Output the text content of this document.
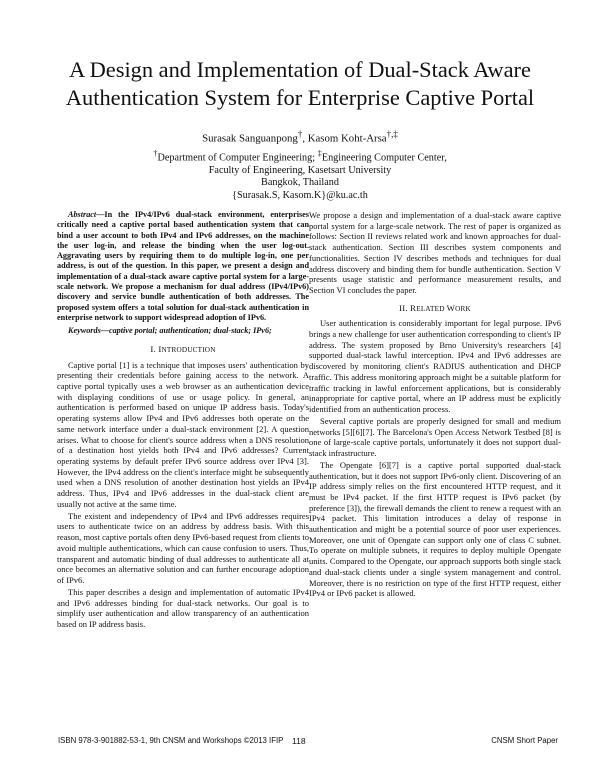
A Design and Implementation of Dual-Stack Aware
Authentication System for Enterprise Captive Portal
Surasak Sanguanpong†, Kasom Koht-Arsa†,‡
†Department of Computer Engineering; ‡Engineering Computer Center,
Faculty of Engineering, Kasetsart University
Bangkok, Thailand
{Surasak.S, Kasom.K}@ku.ac.th

Abstract—In the IPv4/IPv6 dual-stack environment, enterprises critically need a captive portal based authentication system that can bind a user account to both IPv4 and IPv6 addresses, on the machine the user log-in, and release the binding when the user log-out. Aggravating users by requiring them to do multiple log-in, one per address, is out of the question. In this paper, we present a design and implementation of a dual-stack aware captive portal system for a large-scale network. We propose a mechanism for dual address (IPv4/IPv6) discovery and service bundle authentication of both addresses. The proposed system offers a total solution for dual-stack authentication in enterprise network to support widespread adoption of IPv6.

Keywords—captive portal; authentication; dual-stack; IPv6;

I. INTRODUCTION

Captive portal [1] is a technique that imposes users' authentication by presenting their credentials before gaining access to the network. A captive portal typically uses a web browser as an authentication device with displaying conditions of use or usage policy. In general, an authentication is performed based on unique IP address basis. Today's operating systems allow IPv4 and IPv6 addresses both operate on the same network interface under a dual-stack environment [2]. A question arises. What to choose for client's source address when a DNS resolution of a destination host yields both IPv4 and IPv6 addresses? Current operating systems by default prefer IPv6 source address over IPv4 [3]. However, the IPv4 address on the client's interface might be subsequently used when a DNS resolution of another destination host yields an IPv4 address. Thus, IPv4 and IPv6 addresses in the dual-stack client are usually not active at the same time.

The existent and independency of IPv4 and IPv6 addresses requires users to authenticate twice on an address by address basis. With this reason, most captive portals often deny IPv6-based request from clients to avoid multiple authentications, which can cause confusion to users. Thus, transparent and automatic binding of dual addresses to authenticate all at once becomes an alternative solution and can further encourage adoption of IPv6.

This paper describes a design and implementation of automatic IPv4 and IPv6 addresses binding for dual-stack networks. Our goal is to simplify user authentication and allow transparency of an authentication based on IP address basis.

We propose a design and implementation of a dual-stack aware captive portal system for a large-scale network. The rest of paper is organized as follows: Section II reviews related work and known approaches for dual-stack authentication. Section III describes system components and functionalities. Section IV describes methods and techniques for dual address discovery and binding them for bundle authentication. Section V presents usage statistic and performance measurement results, and Section VI concludes the paper.

II. RELATED WORK

User authentication is considerably important for legal purpose. IPv6 brings a new challenge for user authentication corresponding to client's IP address. The system proposed by Brno University's researchers [4] supported dual-stack lawful interception. IPv4 and IPv6 addresses are discovered by monitoring client's RADIUS authentication and DHCP traffic. This address monitoring approach might be a suitable platform for traffic tracking in lawful enforcement applications, but is considerably inappropriate for captive portal, where an IP address must be explicitly identified from an authentication process.

Several captive portals are properly designed for small and medium networks [5][6][7]. The Barcelona's Open Access Network Testbed [8] is one of large-scale captive portals, unfortunately it does not support dual-stack infrastructure.

The Opengate [6][7] is a captive portal supported dual-stack authentication, but it does not support IPv6-only client. Discovering of an IP address simply relies on the first encountered HTTP request, and it must be IPv4 packet. If the first HTTP request is IPv6 packet (by preference [3]), the firewall demands the client to renew a request with an IPv4 packet. This limitation introduces a delay of response in authentication and might be a potential source of poor user experiences. Moreover, one unit of Opengate can support only one of class C subnet. To operate on multiple subnets, it requires to deploy multiple Opengate units. Compared to the Opengate, our approach supports both single stack and dual-stack clients under a single system management and control. Moreover, there is no restriction on type of the first HTTP request, either IPv4 or IPv6 packet is allowed.

ISBN 978-3-901882-53-1, 9th CNSM and Workshops ©2013 IFIP 118	CNSM Short Paper
